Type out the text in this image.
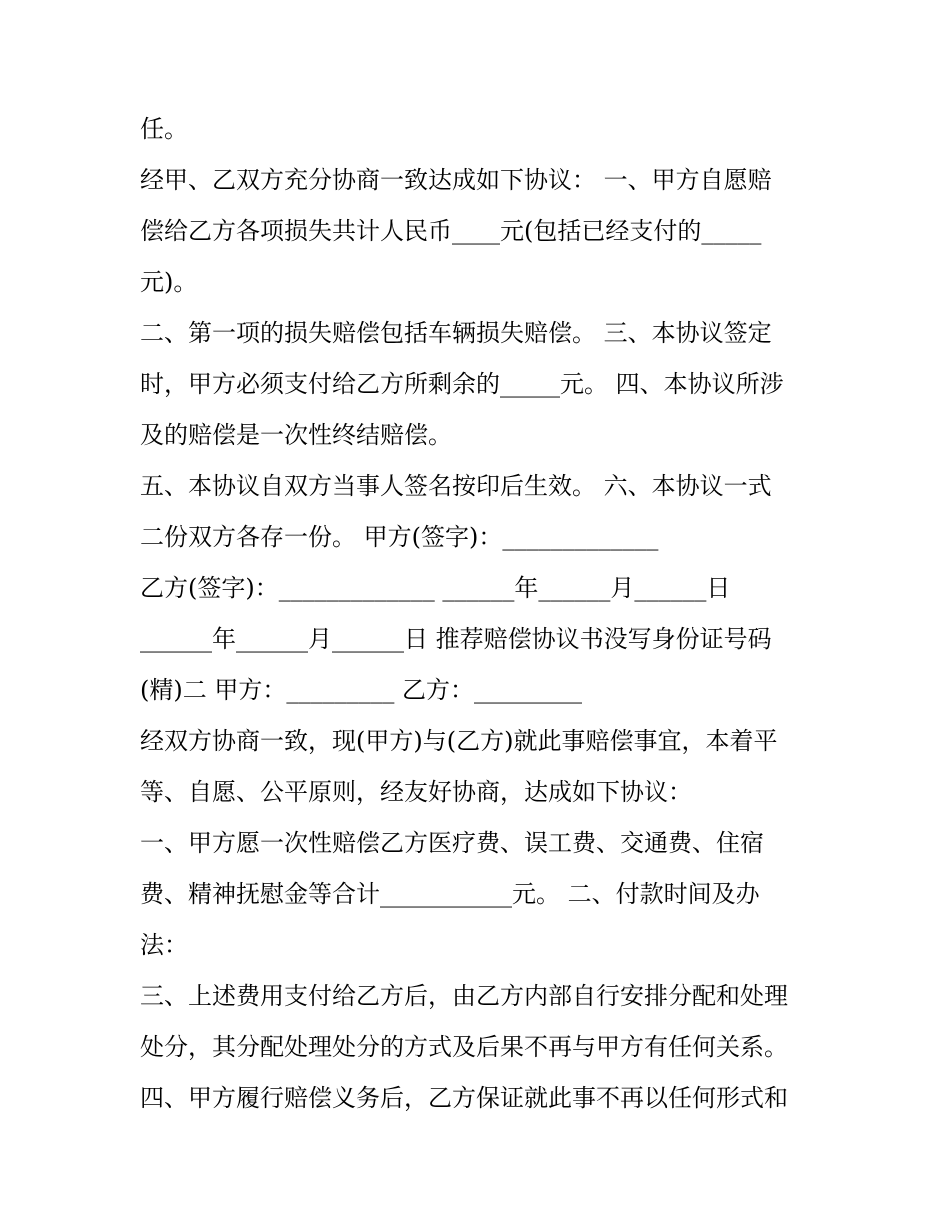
任。
经甲、乙双方充分协商一致达成如下协议： 一、甲方自愿赔
偿给乙方各项损失共计人民币____元(包括已经支付的_____
元)。
二、第一项的损失赔偿包括车辆损失赔偿。 三、本协议签定
时，甲方必须支付给乙方所剩余的_____元。 四、本协议所涉
及的赔偿是一次性终结赔偿。
五、本协议自双方当事人签名按印后生效。 六、本协议一式
二份双方各存一份。 甲方(签字)：_____________
乙方(签字)：_____________ ______年______月______日
______年______月______日 推荐赔偿协议书没写身份证号码
(精)二 甲方：_________ 乙方：_________
经双方协商一致，现(甲方)与(乙方)就此事赔偿事宜，本着平
等、自愿、公平原则，经友好协商，达成如下协议：
一、甲方愿一次性赔偿乙方医疗费、误工费、交通费、住宿
费、精神抚慰金等合计___________元。 二、付款时间及办
法：
三、上述费用支付给乙方后，由乙方内部自行安排分配和处理
处分，其分配处理处分的方式及后果不再与甲方有任何关系。
四、甲方履行赔偿义务后，乙方保证就此事不再以任何形式和
